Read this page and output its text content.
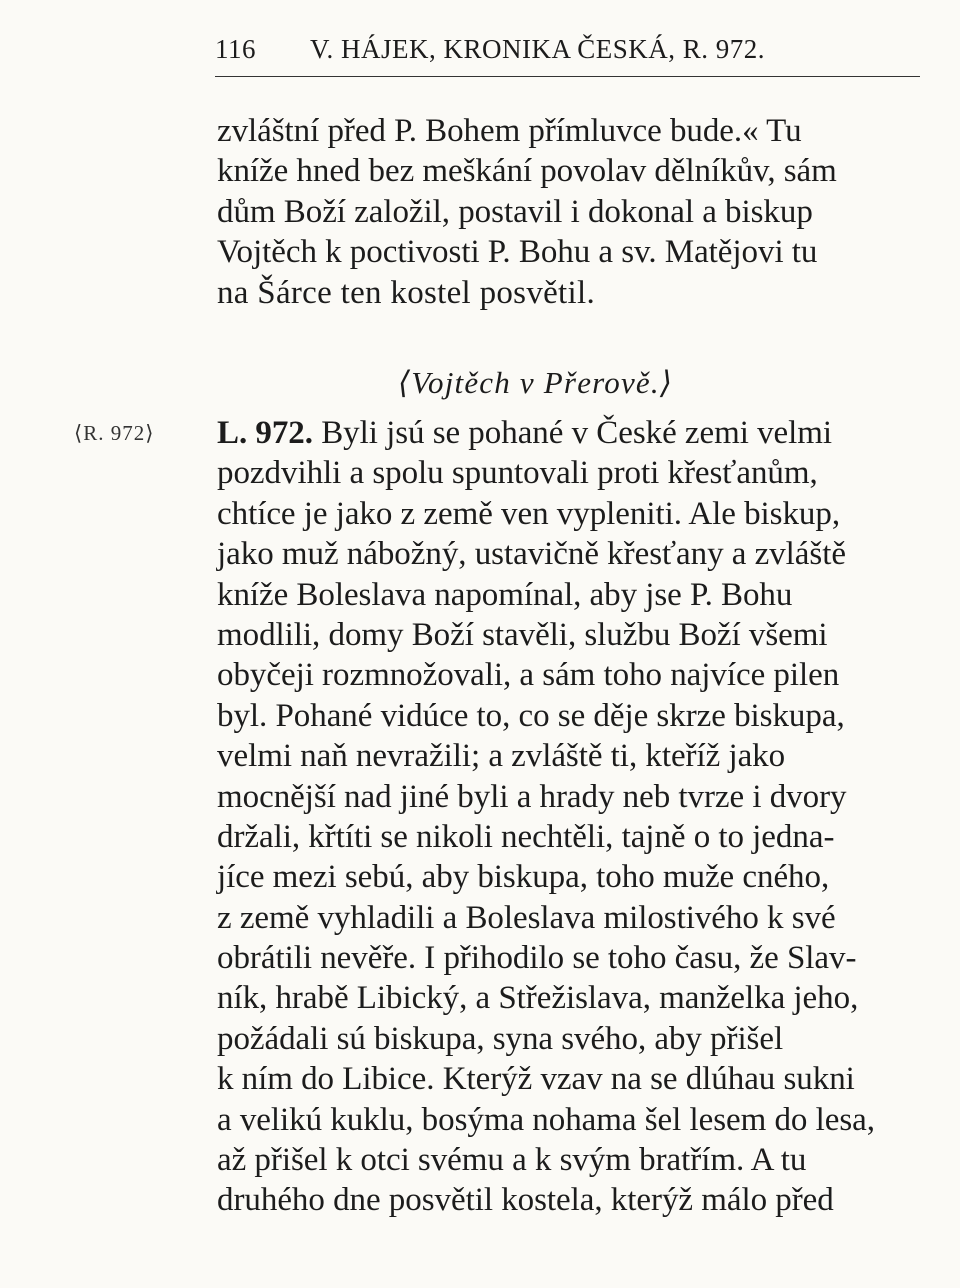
116 V. HÁJEK, KRONIKA ČESKÁ, R. 972.
zvláštní před P. Bohem přímluvce bude.« Tu
kníže hned bez meškání povolav dělníkův, sám
dům Boží založil, postavil i dokonal a biskup
Vojtěch k poctivosti P. Bohu a sv. Matějovi tu
na Šárce ten kostel posvětil.
⟨Vojtěch v Přerově.⟩
⟨R. 972⟩ L. 972. Byli jsú se pohané v České zemi velmi
pozdvihli a spolu spuntovali proti křesťanům,
chtíce je jako z země ven vypleniti. Ale biskup,
jako muž nábožný, ustavičně křesťany a zvláště
kníže Boleslava napomínal, aby jse P. Bohu
modlili, domy Boží stavěli, službu Boží všemi
obyčeji rozmnožovali, a sám toho najvíce pilen
byl. Pohané vidúce to, co se děje skrze biskupa,
velmi naň nevražili; a zvláště ti, kteříž jako
mocnější nad jiné byli a hrady neb tvrze i dvory
držali, křtíti se nikoli nechtěli, tajně o to jedna-
jíce mezi sebú, aby biskupa, toho muže cného,
z země vyhladili a Boleslava milostivého k své
obrátili nevěře. I přihodilo se toho času, že Slav-
ník, hrabě Libický, a Střežislava, manželka jeho,
požádali sú biskupa, syna svého, aby přišel
k ním do Libice. Kterýž vzav na se dlúhau sukni
a velikú kuklu, bosýma nohama šel lesem do lesa,
až přišel k otci svému a k svým bratřím. A tu
druhého dne posvětil kostela, kterýž málo před
